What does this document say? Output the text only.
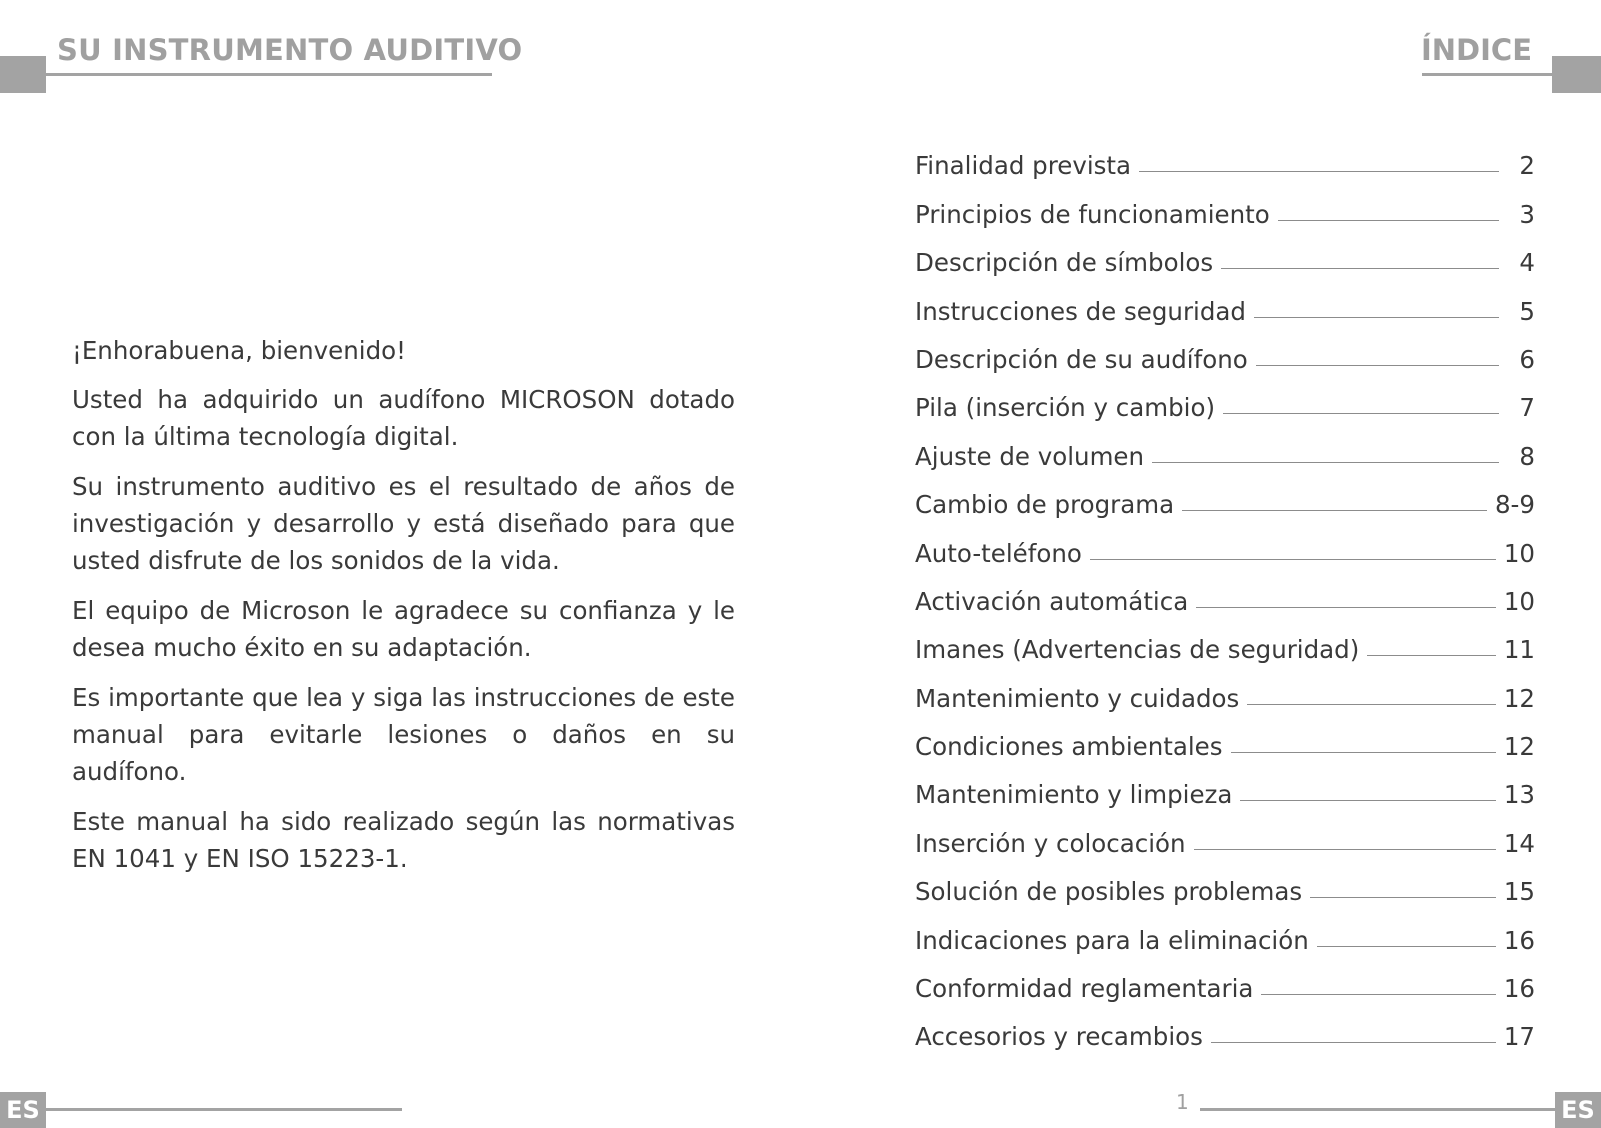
SU INSTRUMENTO AUDITIVO	ÍNDICE

¡Enhorabuena, bienvenido!

Usted ha adquirido un audífono MICROSON dotado con la última tecnología digital.

Su instrumento auditivo es el resultado de años de investigación y desarrollo y está diseñado para que usted disfrute de los sonidos de la vida.

El equipo de Microson le agradece su confianza y le desea mucho éxito en su adaptación.

Es importante que lea y siga las instrucciones de este manual para evitarle lesiones o daños en su audífono.

Este manual ha sido realizado según las normativas EN 1041 y EN ISO 15223-1.

Finalidad prevista	2
Principios de funcionamiento	3
Descripción de símbolos	4
Instrucciones de seguridad	5
Descripción de su audífono	6
Pila (inserción y cambio)	7
Ajuste de volumen	8
Cambio de programa	8-9
Auto-teléfono	10
Activación automática	10
Imanes (Advertencias de seguridad)	11
Mantenimiento y cuidados	12
Condiciones ambientales	12
Mantenimiento y limpieza	13
Inserción y colocación	14
Solución de posibles problemas	15
Indicaciones para la eliminación	16
Conformidad reglamentaria	16
Accesorios y recambios	17
ES	1	ES
